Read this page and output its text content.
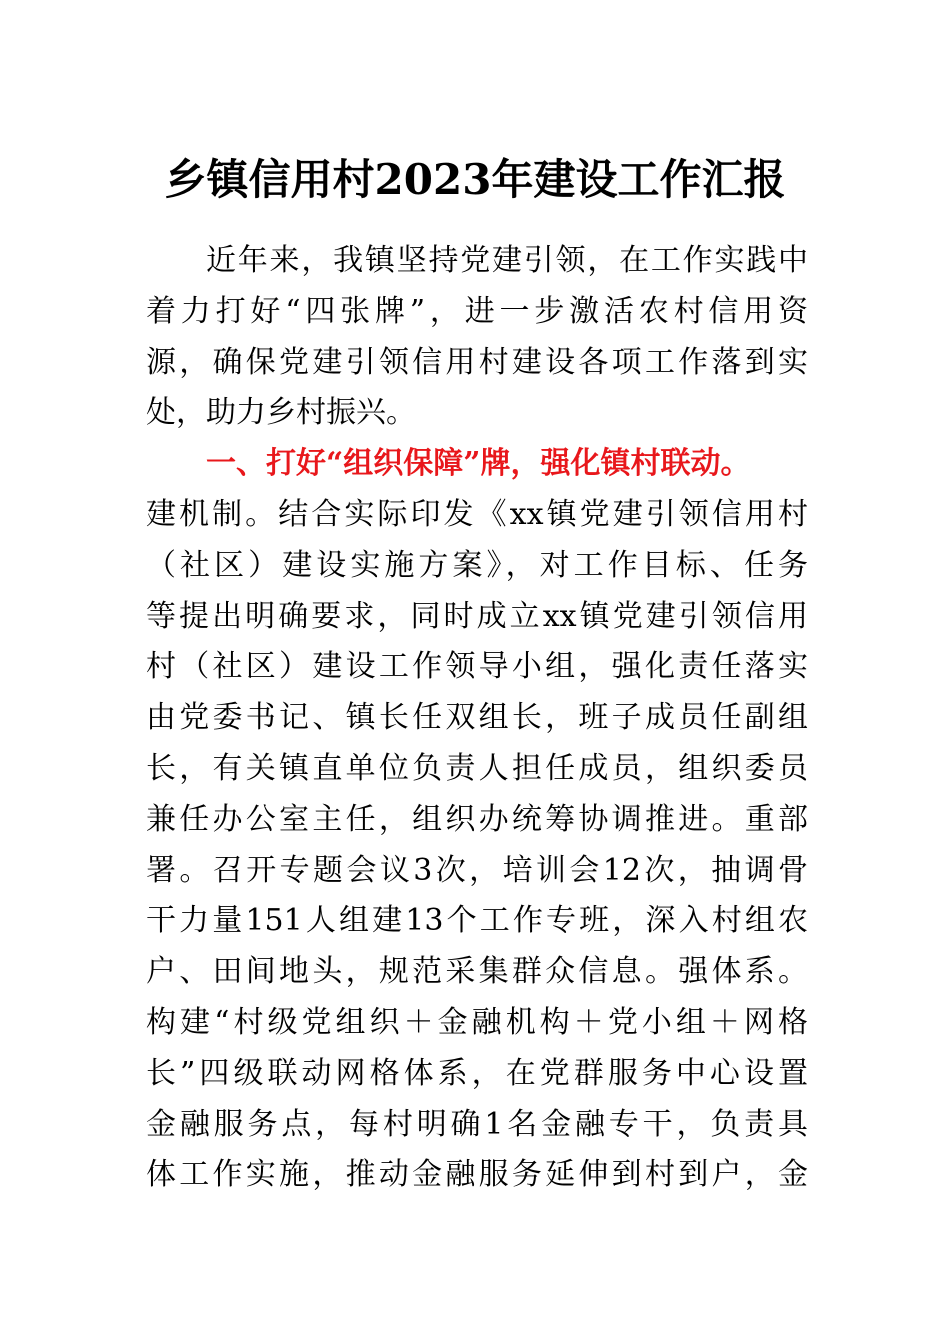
乡镇信用村2023年建设工作汇报
近年来，我镇坚持党建引领，在工作实践中
着力打好“四张牌”，进一步激活农村信用资
源，确保党建引领信用村建设各项工作落到实
处，助力乡村振兴。
一、打好“组织保障”牌，强化镇村联动。
建机制。结合实际印发《xx镇党建引领信用村
（社区）建设实施方案》，对工作目标、任务
等提出明确要求，同时成立xx镇党建引领信用
村（社区）建设工作领导小组，强化责任落实
由党委书记、镇长任双组长，班子成员任副组
长，有关镇直单位负责人担任成员，组织委员
兼任办公室主任，组织办统筹协调推进。重部
署。召开专题会议3次，培训会12次，抽调骨
干力量151人组建13个工作专班，深入村组农
户、田间地头，规范采集群众信息。强体系。
构建“村级党组织＋金融机构＋党小组＋网格
长”四级联动网格体系，在党群服务中心设置
金融服务点，每村明确1名金融专干，负责具
体工作实施，推动金融服务延伸到村到户，金
